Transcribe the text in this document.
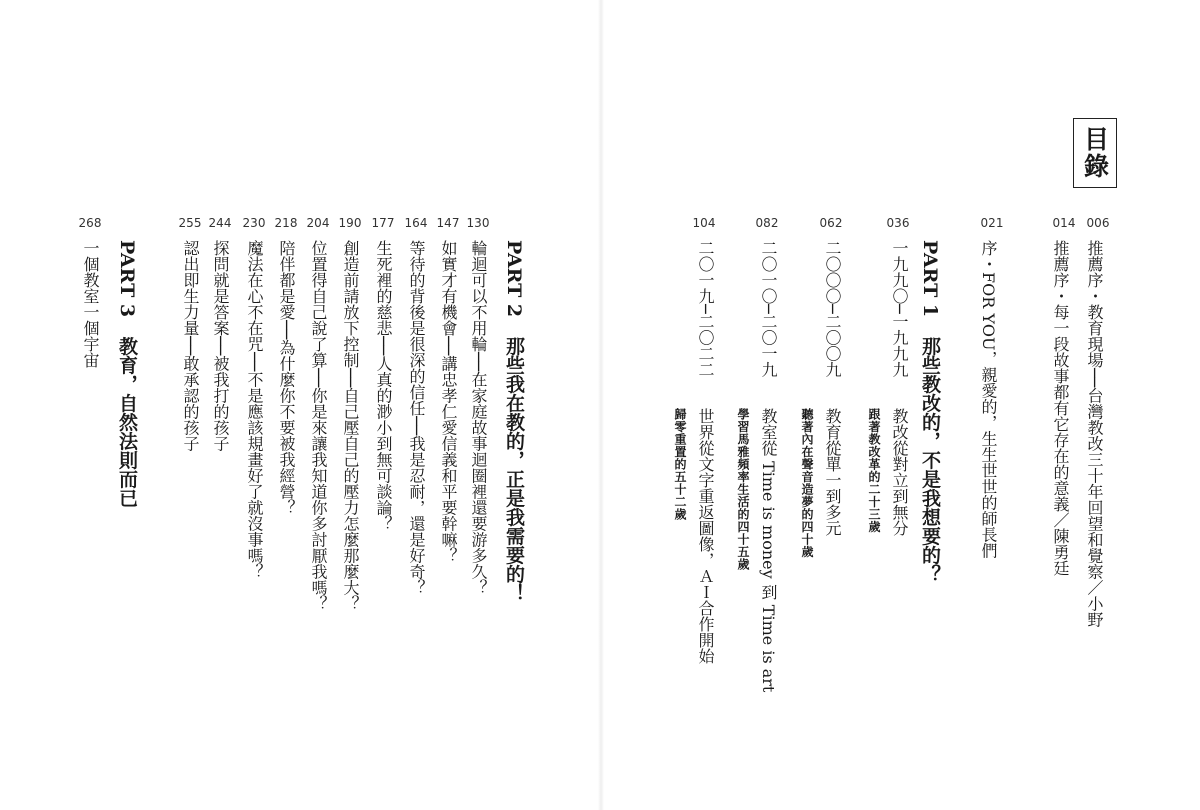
目錄
006
推薦序・教育現場──台灣教改三十年回望和覺察／小野
014
推薦序・每一段故事都有它存在的意義／陳勇廷
021
序・FOR YOU，親愛的，生生世世的師長們
PART 1　那些教改的，不是我想要的？
036
一九九〇─一九九九
教改從對立到無分
跟著教改革的二十三歲
062
二〇〇〇─二〇〇九
教育從單一到多元
聽著內在聲音造夢的四十歲
082
二〇一〇─二〇一九
教室從 Time is money 到 Time is art
學習馬雅頻率生活的四十五歲
104
二〇一九─二〇二二
世界從文字重返圖像，ＡＩ合作開始
歸零重置的五十二歲
PART 2　那些我在教的，正是我需要的！
130
輪迴可以不用輪──在家庭故事迴圈裡還要游多久？
147
如實才有機會──講忠孝仁愛信義和平要幹嘛？
164
等待的背後是很深的信任──我是忍耐，還是好奇？
177
生死裡的慈悲──人真的渺小到無可談論？
190
創造前請放下控制──自己壓自己的壓力怎麼那麼大？
204
位置得自己說了算──你是來讓我知道你多討厭我嗎？
218
陪伴都是愛──為什麼你不要被我經營？
230
魔法在心不在咒──不是應該規畫好了就沒事嗎？
PART 3　教育，自然法則而已
244
探問就是答案──被我打的孩子
255
認出即生力量──敢承認的孩子
268
一個教室一個宇宙
